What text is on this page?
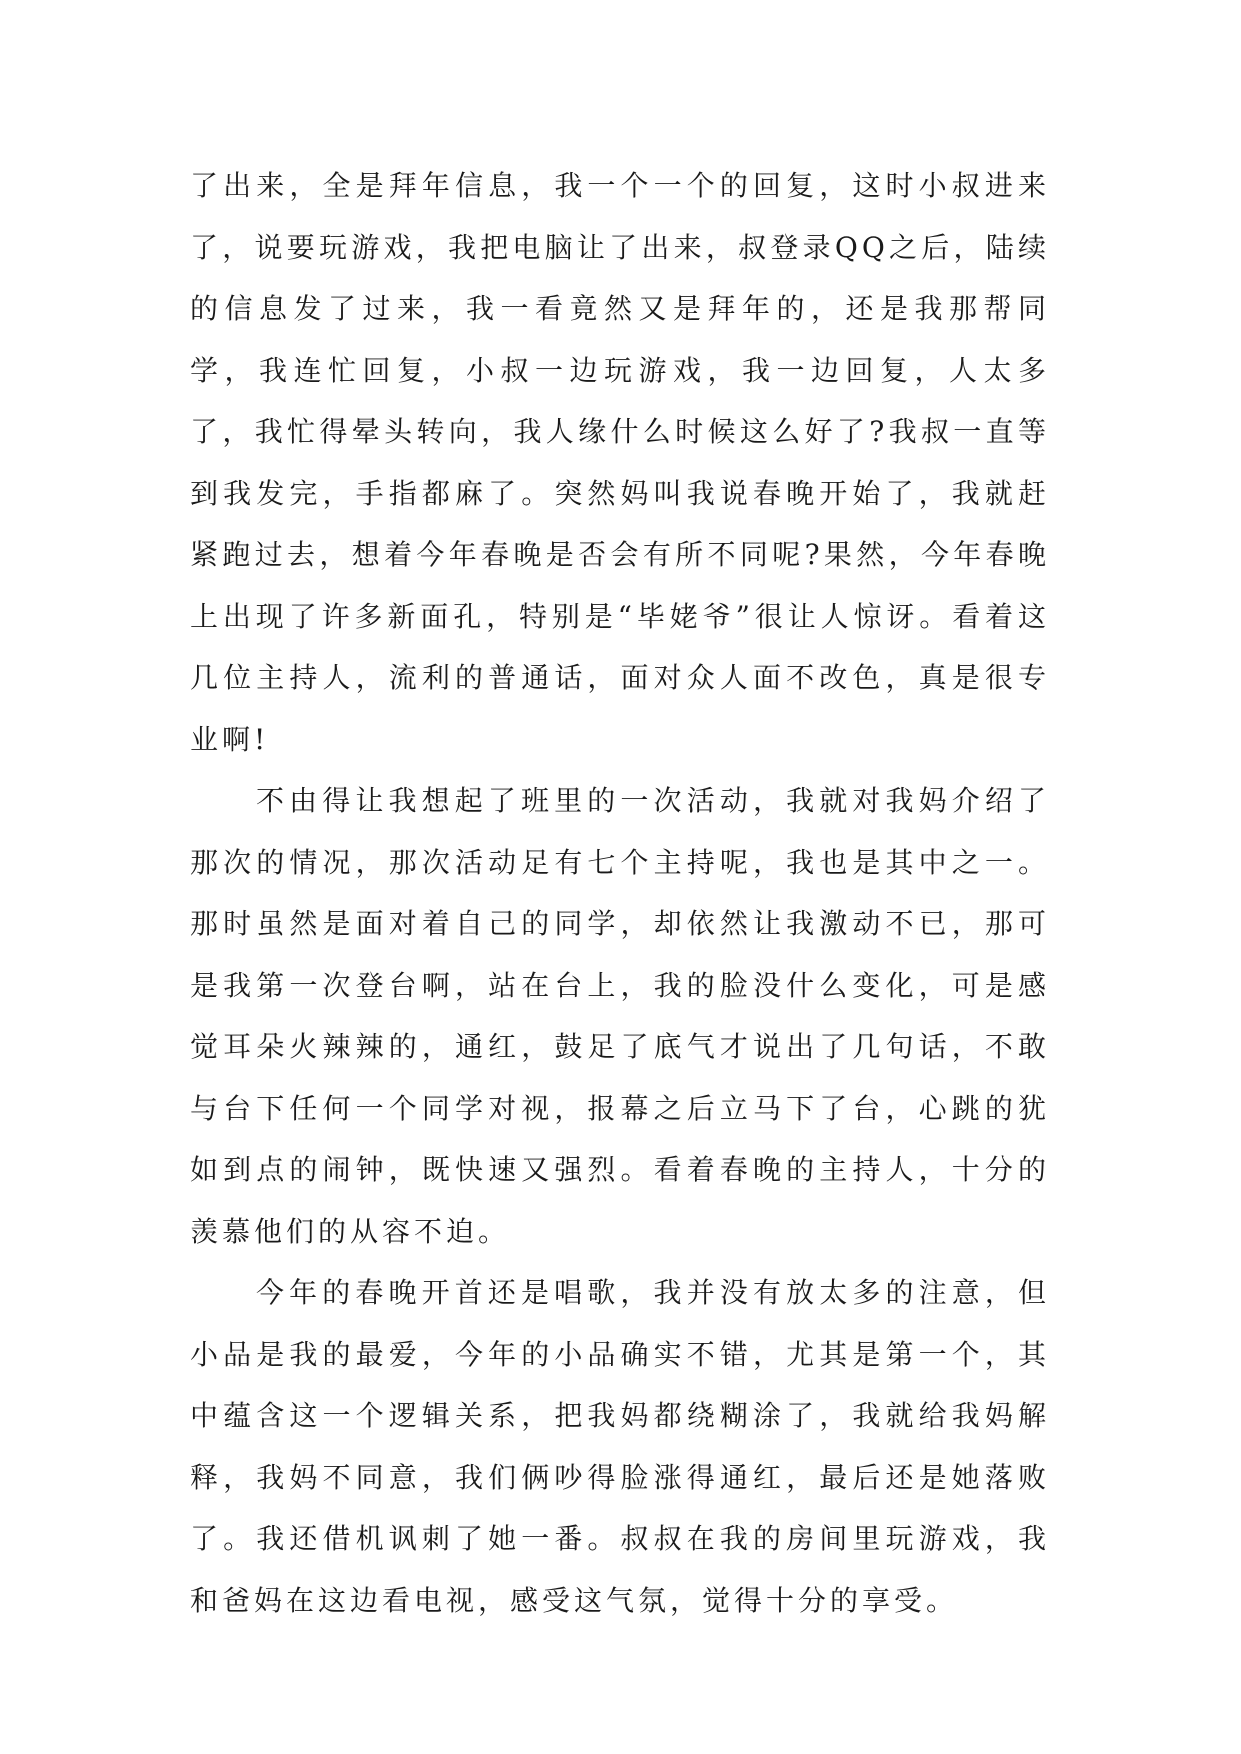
了出来，全是拜年信息，我一个一个的回复，这时小叔进来了，说要玩游戏，我把电脑让了出来，叔登录QQ之后，陆续的信息发了过来，我一看竟然又是拜年的，还是我那帮同学，我连忙回复，小叔一边玩游戏，我一边回复，人太多了，我忙得晕头转向，我人缘什么时候这么好了?我叔一直等到我发完，手指都麻了。突然妈叫我说春晚开始了，我就赶紧跑过去，想着今年春晚是否会有所不同呢?果然，今年春晚上出现了许多新面孔，特别是“毕姥爷”很让人惊讶。看着这几位主持人，流利的普通话，面对众人面不改色，真是很专业啊!

不由得让我想起了班里的一次活动，我就对我妈介绍了那次的情况，那次活动足有七个主持呢，我也是其中之一。那时虽然是面对着自己的同学，却依然让我激动不已，那可是我第一次登台啊，站在台上，我的脸没什么变化，可是感觉耳朵火辣辣的，通红，鼓足了底气才说出了几句话，不敢与台下任何一个同学对视，报幕之后立马下了台，心跳的犹如到点的闹钟，既快速又强烈。看着春晚的主持人，十分的羡慕他们的从容不迫。

今年的春晚开首还是唱歌，我并没有放太多的注意，但小品是我的最爱，今年的小品确实不错，尤其是第一个，其中蕴含这一个逻辑关系，把我妈都绕糊涂了，我就给我妈解释，我妈不同意，我们俩吵得脸涨得通红，最后还是她落败了。我还借机讽刺了她一番。叔叔在我的房间里玩游戏，我和爸妈在这边看电视，感受这气氛，觉得十分的享受。
